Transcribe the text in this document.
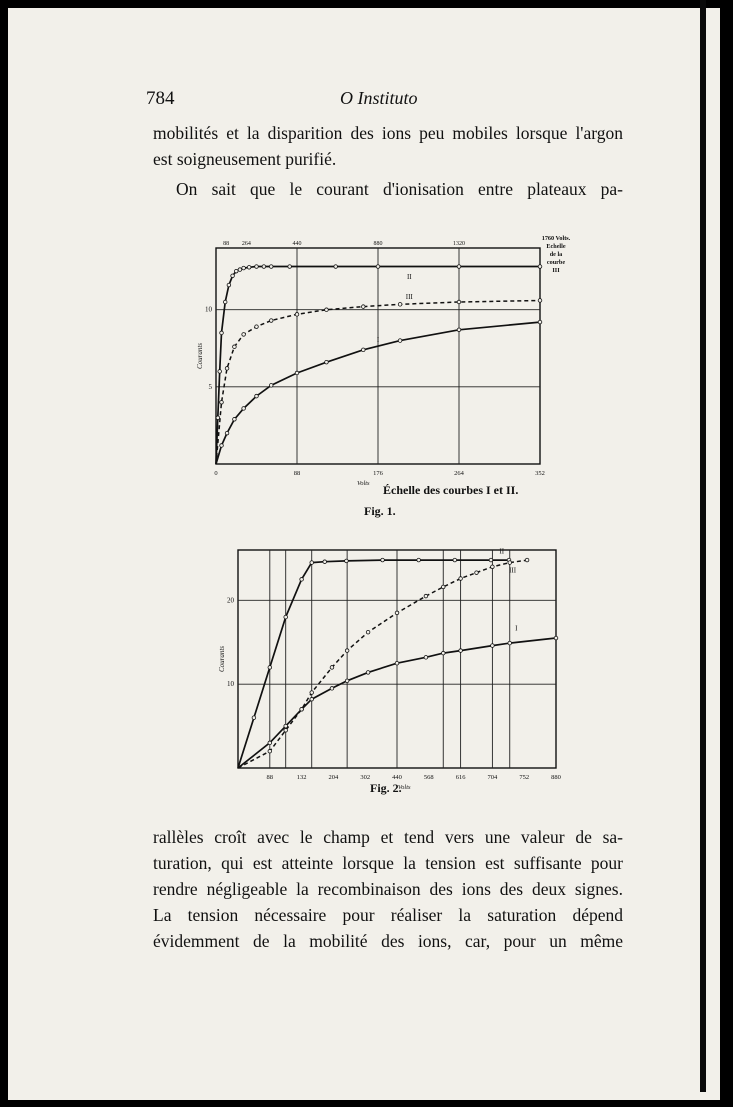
784	O Instituto
mobilités et la disparition des ions peu mobiles lorsque l'argon
est soigneusement purifié.
On sait que le courant d'ionisation entre plateaux pa-
0	88	176	264	352
88 264	440	880	1320
5
10
Courants
Volts
II
III
I
1760 Volts.
Echelle
de la
courbe
III
Échelle des courbes I et II.
Fig. 1.
88	132	204	302	440	568	616	704	752	880
10
20
Courants
Volts
II
III
I
Fig. 2.
rallèles croît avec le champ et tend vers une valeur de sa-
turation, qui est atteinte lorsque la tension est suffisante pour
rendre négligeable la recombinaison des ions des deux signes.
La tension nécessaire pour réaliser la saturation dépend
évidemment de la mobilité des ions, car, pour un même
